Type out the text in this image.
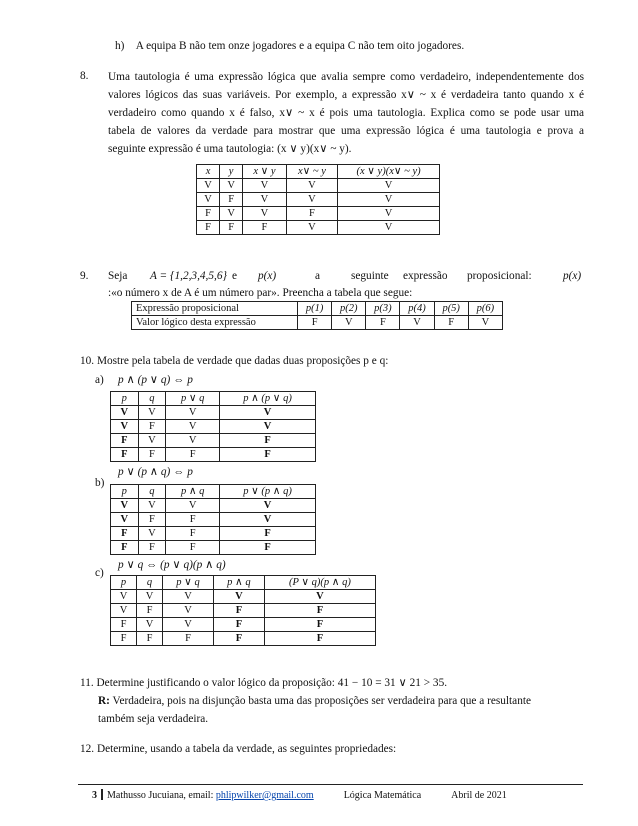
h) A equipa B não tem onze jogadores e a equipa C não tem oito jogadores.
8. Uma tautologia é uma expressão lógica que avalia sempre como verdadeiro, independentemente dos
valores lógicos das suas variáveis. Por exemplo, a expressão x∨ ~ x é verdadeira tanto quando x é
verdadeiro como quando x é falso, x∨ ~ x é pois uma tautologia. Explica como se pode usar uma
tabela de valores da verdade para mostrar que uma expressão lógica é uma tautologia e prova a
seguinte expressão é uma tautologia: (x ∨ y)(x∨ ~ y).
x	y	x ∨ y	x∨ ~ y	(x ∨ y)(x∨ ~ y)
V	V	V	V	V
V	F	V	V	V
F	V	V	F	V
F	F	F	V	V
9. Seja A = {1,2,3,4,5,6} e p(x)	a	seguinte expressão proposicional:	p(x)
:«o número x de A é um número par». Preencha a tabela que segue:
Expressão proposicional	p(1)	p(2)	p(3)	p(4)	p(5)	p(6)
Valor lógico desta expressão	F	V	F	V	F	V
10. Mostre pela tabela de verdade que dadas duas proposições p e q:
a) p ∧ (p ∨ q) ⇔ p
p	q	p ∨ q	p ∧ (p ∨ q)
V	V	V	V
V	F	V	V
F	V	V	F
F	F	F	F
p ∨ (p ∧ q) ⇔ p
b)
p	q	p ∧ q	p ∨ (p ∧ q)
V	V	V	V
V	F	F	V
F	V	F	F
F	F	F	F
p ∨ q ⇔ (p ∨ q)(p ∧ q)
c)
p	q	p ∨ q	p ∧ q	(P ∨ q)(p ∧ q)
V	V	V	V	V
V	F	V	F	F
F	V	V	F	F
F	F	F	F	F
11. Determine justificando o valor lógico da proposição: 41 − 10 = 31 ∨ 21 > 35.
R: Verdadeira, pois na disjunção basta uma das proposições ser verdadeira para que a resultante
também seja verdadeira.
12. Determine, usando a tabela da verdade, as seguintes propriedades:
3 Mathusso Jucuiana, email: phlipwilker@gmail.com	Lógica Matemática	Abril de 2021
